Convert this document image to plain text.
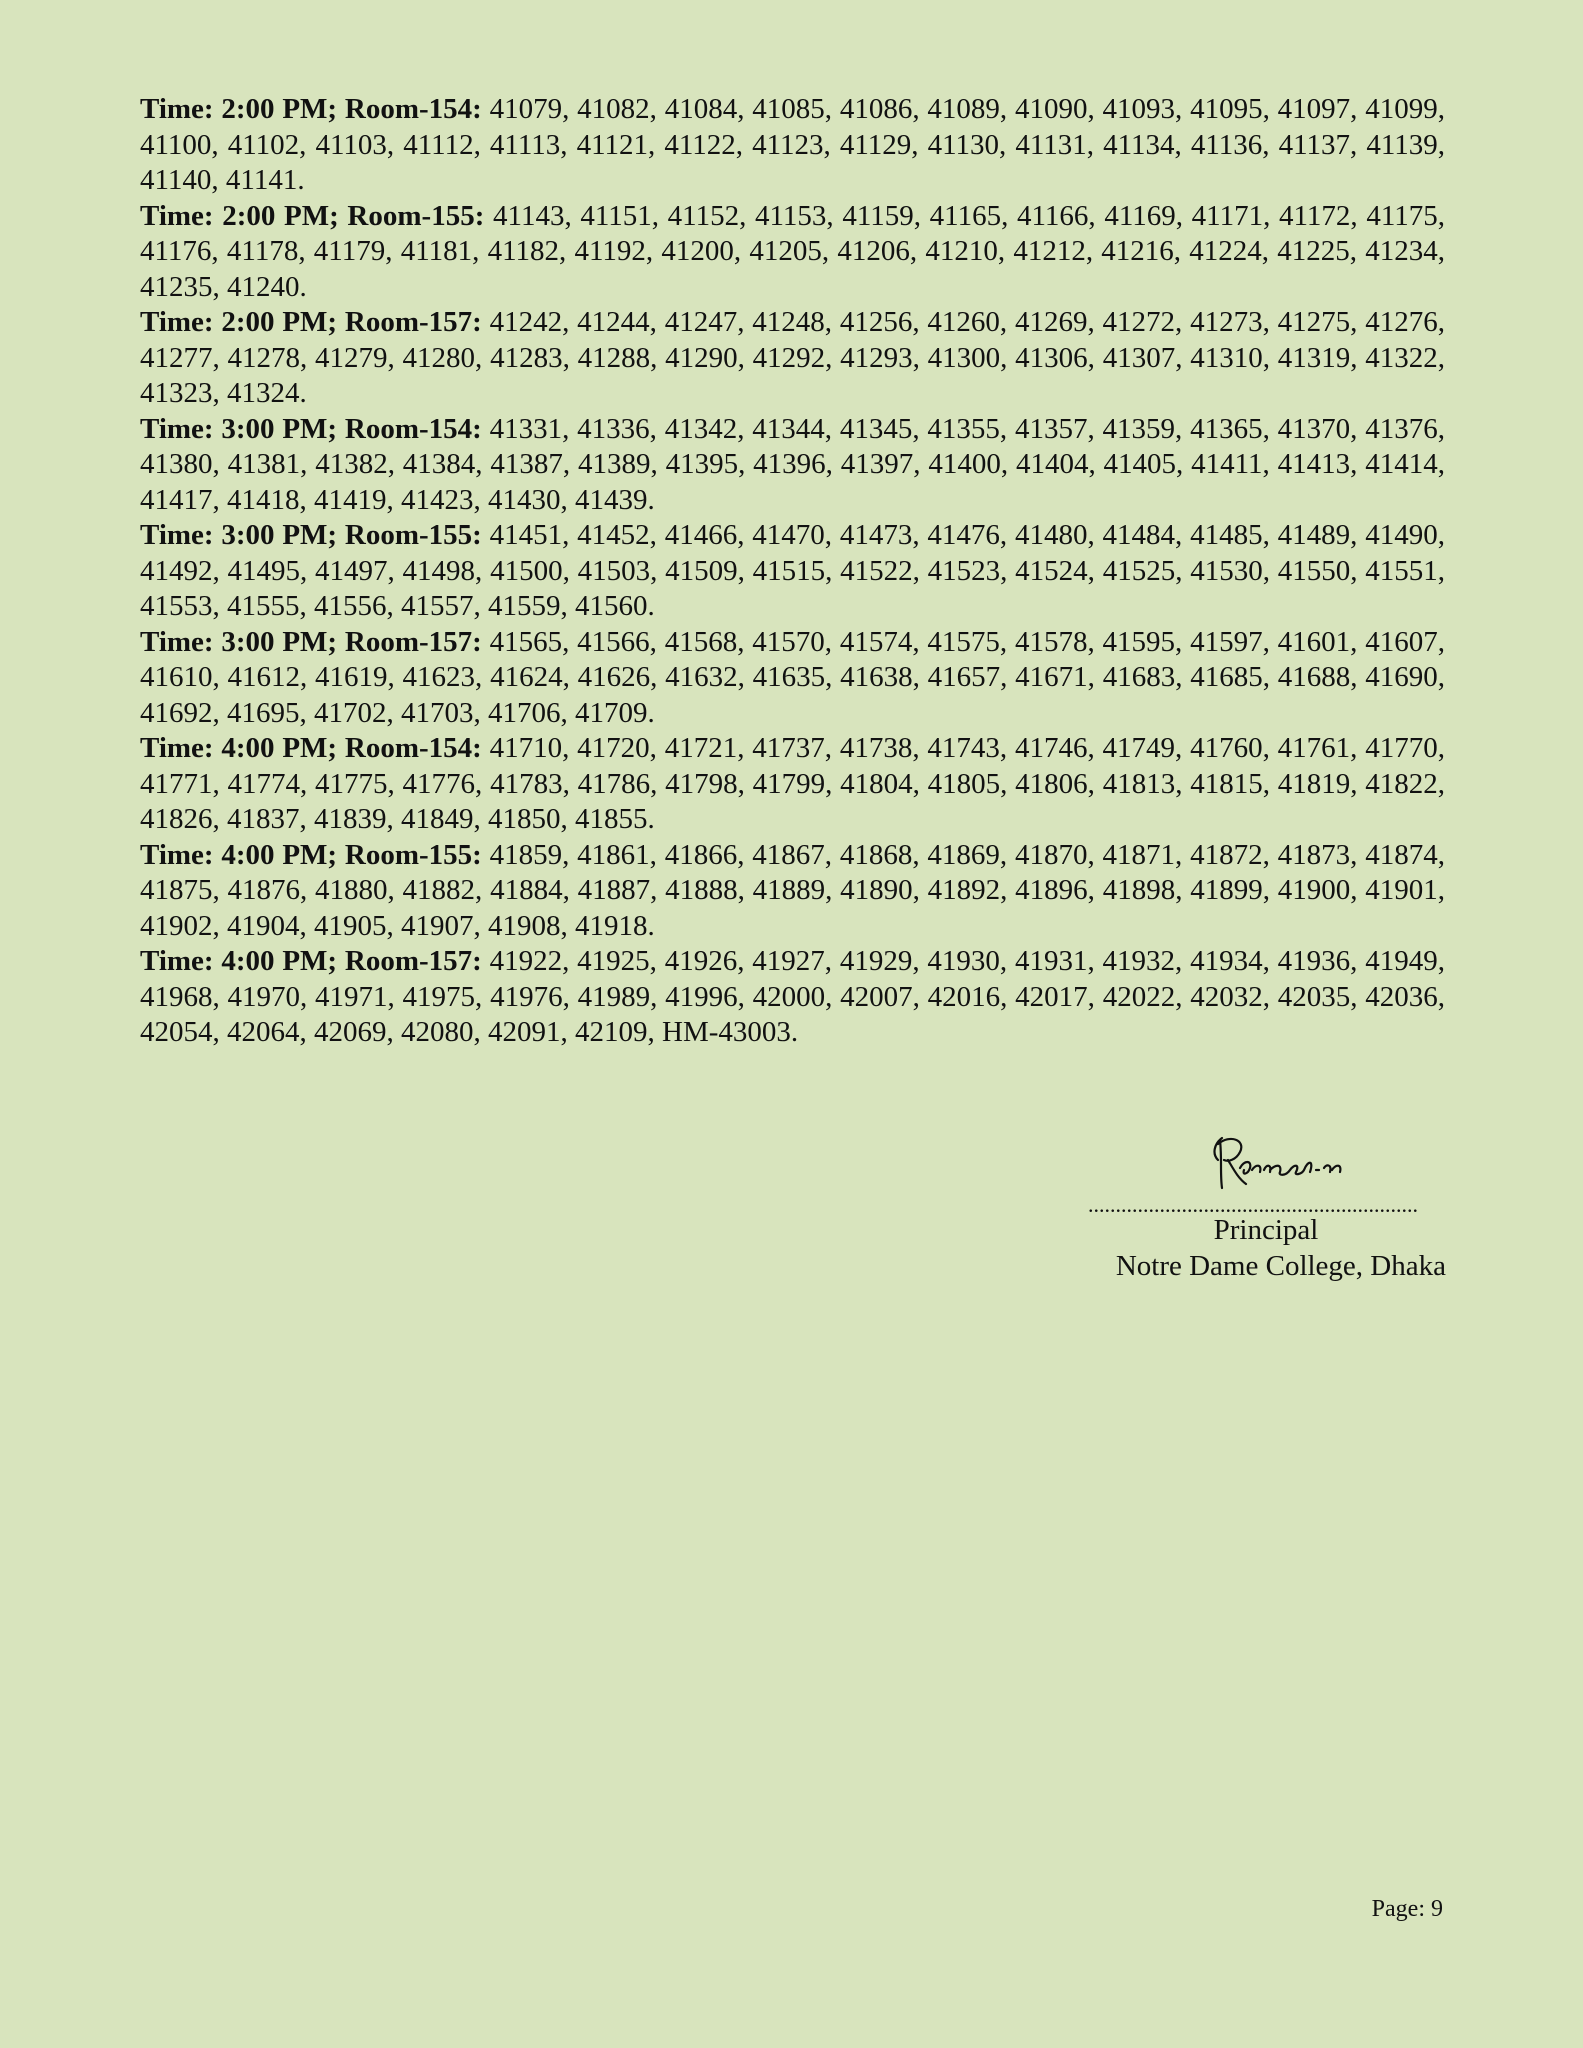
Time: 2:00 PM; Room-154: 41079, 41082, 41084, 41085, 41086, 41089, 41090, 41093, 41095, 41097, 41099, 41100, 41102, 41103, 41112, 41113, 41121, 41122, 41123, 41129, 41130, 41131, 41134, 41136, 41137, 41139, 41140, 41141.

Time: 2:00 PM; Room-155: 41143, 41151, 41152, 41153, 41159, 41165, 41166, 41169, 41171, 41172, 41175, 41176, 41178, 41179, 41181, 41182, 41192, 41200, 41205, 41206, 41210, 41212, 41216, 41224, 41225, 41234, 41235, 41240.

Time: 2:00 PM; Room-157: 41242, 41244, 41247, 41248, 41256, 41260, 41269, 41272, 41273, 41275, 41276, 41277, 41278, 41279, 41280, 41283, 41288, 41290, 41292, 41293, 41300, 41306, 41307, 41310, 41319, 41322, 41323, 41324.

Time: 3:00 PM; Room-154: 41331, 41336, 41342, 41344, 41345, 41355, 41357, 41359, 41365, 41370, 41376, 41380, 41381, 41382, 41384, 41387, 41389, 41395, 41396, 41397, 41400, 41404, 41405, 41411, 41413, 41414, 41417, 41418, 41419, 41423, 41430, 41439.

Time: 3:00 PM; Room-155: 41451, 41452, 41466, 41470, 41473, 41476, 41480, 41484, 41485, 41489, 41490, 41492, 41495, 41497, 41498, 41500, 41503, 41509, 41515, 41522, 41523, 41524, 41525, 41530, 41550, 41551, 41553, 41555, 41556, 41557, 41559, 41560.

Time: 3:00 PM; Room-157: 41565, 41566, 41568, 41570, 41574, 41575, 41578, 41595, 41597, 41601, 41607, 41610, 41612, 41619, 41623, 41624, 41626, 41632, 41635, 41638, 41657, 41671, 41683, 41685, 41688, 41690, 41692, 41695, 41702, 41703, 41706, 41709.

Time: 4:00 PM; Room-154: 41710, 41720, 41721, 41737, 41738, 41743, 41746, 41749, 41760, 41761, 41770, 41771, 41774, 41775, 41776, 41783, 41786, 41798, 41799, 41804, 41805, 41806, 41813, 41815, 41819, 41822, 41826, 41837, 41839, 41849, 41850, 41855.

Time: 4:00 PM; Room-155: 41859, 41861, 41866, 41867, 41868, 41869, 41870, 41871, 41872, 41873, 41874, 41875, 41876, 41880, 41882, 41884, 41887, 41888, 41889, 41890, 41892, 41896, 41898, 41899, 41900, 41901, 41902, 41904, 41905, 41907, 41908, 41918.

Time: 4:00 PM; Room-157: 41922, 41925, 41926, 41927, 41929, 41930, 41931, 41932, 41934, 41936, 41949, 41968, 41970, 41971, 41975, 41976, 41989, 41996, 42000, 42007, 42016, 42017, 42022, 42032, 42035, 42036, 42054, 42064, 42069, 42080, 42091, 42109, HM-43003.

............................................................
Principal
Notre Dame College, Dhaka
Page: 9
